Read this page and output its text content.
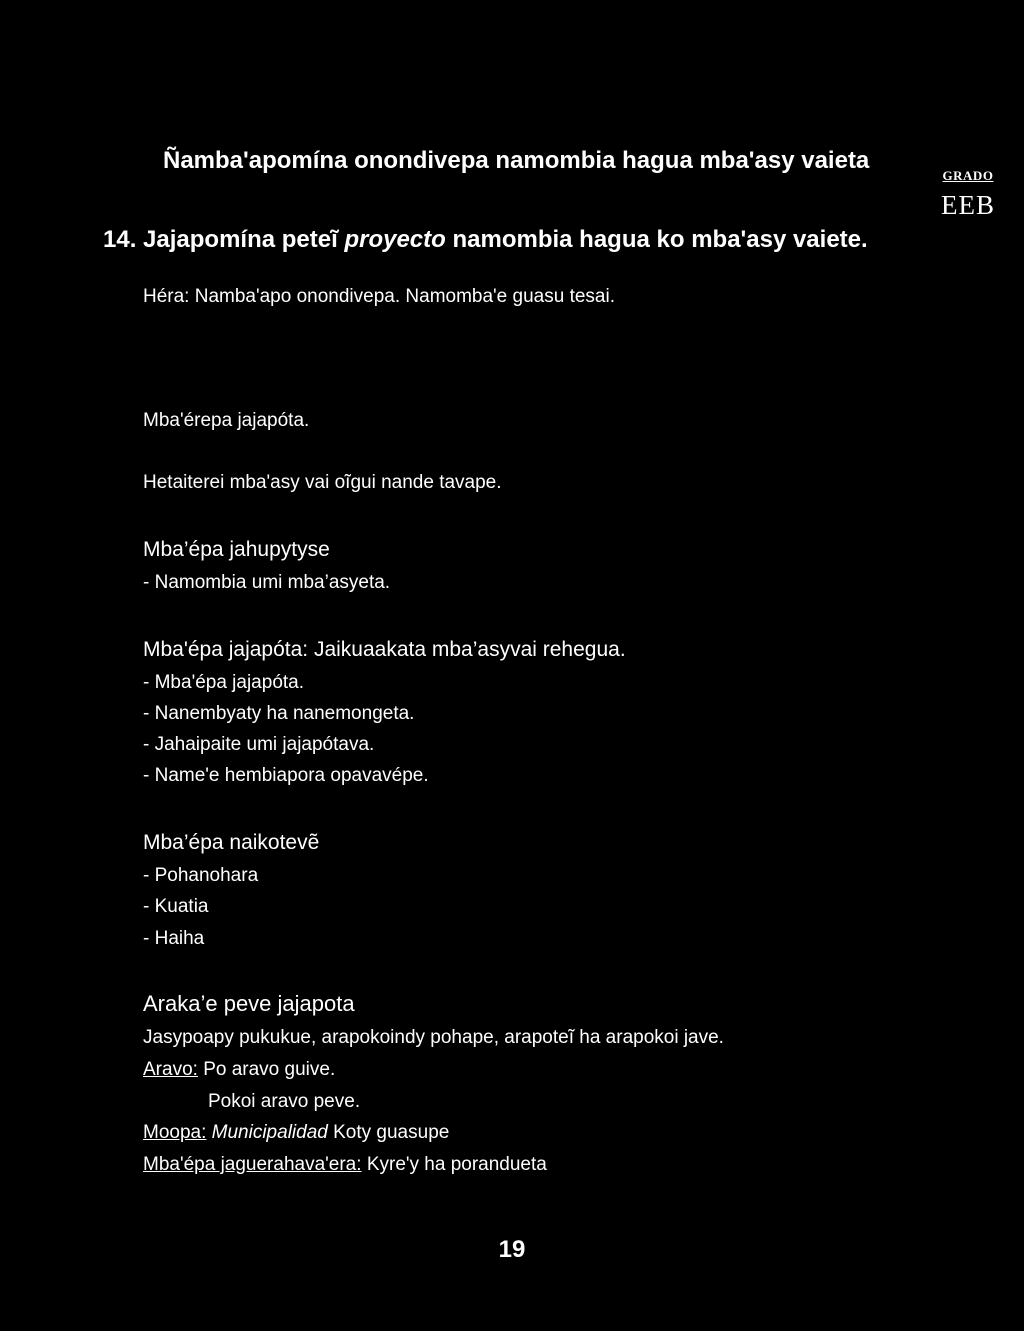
Ñamba'apomína onondivepa namombia hagua mba'asy vaieta
GRADO
EEB
14. Jajapomína peteĩ proyecto namombia hagua ko mba'asy vaiete.
Héra: Namba'apo onondivepa. Namomba'e guasu tesai.
Mba'érepa jajapóta.
Hetaiterei mba'asy vai oĩgui nande tavape.
Mba’épa jahupytyse
- Namombia umi mba’asyeta.
Mba'épa jajapóta: Jaikuaakata mba’asyvai rehegua.
- Mba'épa jajapóta.
- Nanembyaty ha nanemongeta.
- Jahaipaite umi jajapótava.
- Name'e hembiapora opavavépe.
Mba’épa naikotevẽ
- Pohanohara
- Kuatia
- Haiha
Araka’e peve jajapota
Jasypoapy pukukue, arapokoindy pohape, arapoteĩ ha arapokoi jave.
Aravo: Po aravo guive.
Pokoi aravo peve.
Moopa: Municipalidad Koty guasupe
Mba'épa jaguerahava'era: Kyre'y ha porandueta
19
